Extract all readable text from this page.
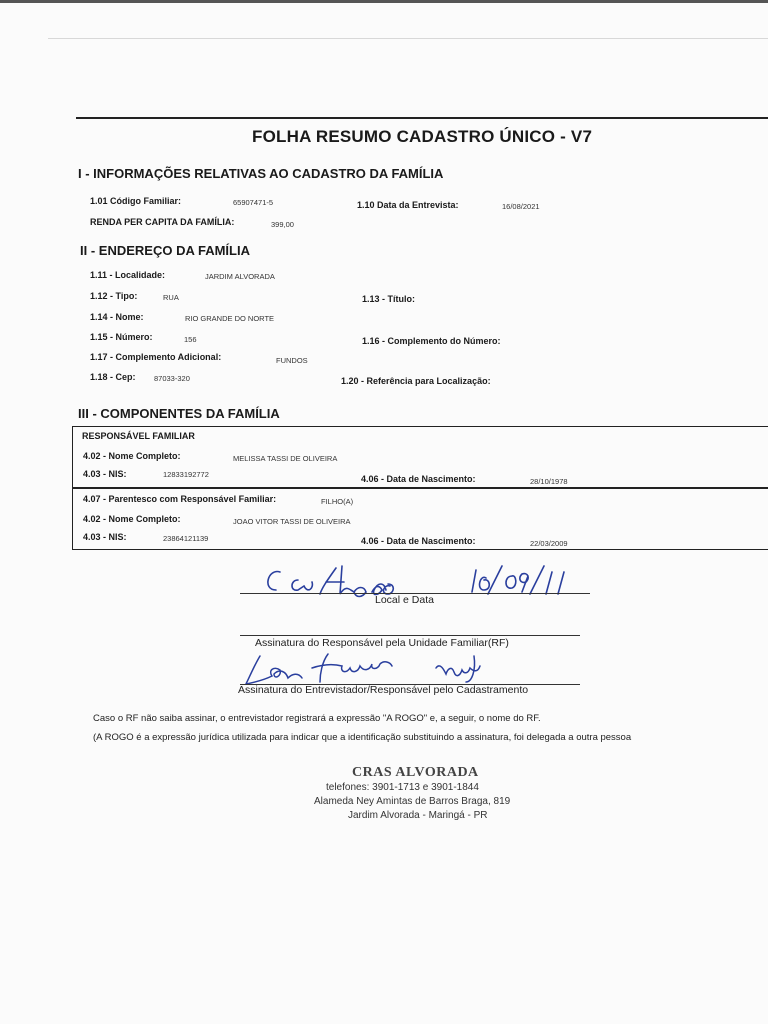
FOLHA RESUMO CADASTRO ÚNICO - V7
I - INFORMAÇÕES RELATIVAS AO CADASTRO DA FAMÍLIA
1.01 Código Familiar:	65907471-5	1.10 Data da Entrevista:	16/08/2021
RENDA PER CAPITA DA FAMÍLIA:	399,00
II - ENDEREÇO DA FAMÍLIA
1.11 - Localidade:	JARDIM ALVORADA
1.12 - Tipo:	RUA	1.13 - Título:
1.14 - Nome:	RIO GRANDE DO NORTE
1.15 - Número:	156	1.16 - Complemento do Número:
1.17 - Complemento Adicional:	FUNDOS
1.18 - Cep: 87033-320	1.20 - Referência para Localização:
III - COMPONENTES DA FAMÍLIA
RESPONSÁVEL FAMILIAR
4.02 - Nome Completo:	MELISSA TASSI DE OLIVEIRA
4.03 - NIS:	12833192772	4.06 - Data de Nascimento:	28/10/1978
4.07 - Parentesco com Responsável Familiar:	FILHO(A)
4.02 - Nome Completo:	JOAO VITOR TASSI DE OLIVEIRA
4.03 - NIS:	23864121139	4.06 - Data de Nascimento:	22/03/2009
Local e Data
Assinatura do Responsável pela Unidade Familiar(RF)
Assinatura do Entrevistador/Responsável pelo Cadastramento
Caso o RF não saiba assinar, o entrevistador registrará a expressão "A ROGO" e, a seguir, o nome do RF.
(A ROGO é a expressão jurídica utilizada para indicar que a identificação substituindo a assinatura, foi delegada a outra pessoa
CRAS ALVORADA
telefones: 3901-1713 e 3901-1844
Alameda Ney Amintas de Barros Braga, 819
Jardim Alvorada - Maringá - PR
